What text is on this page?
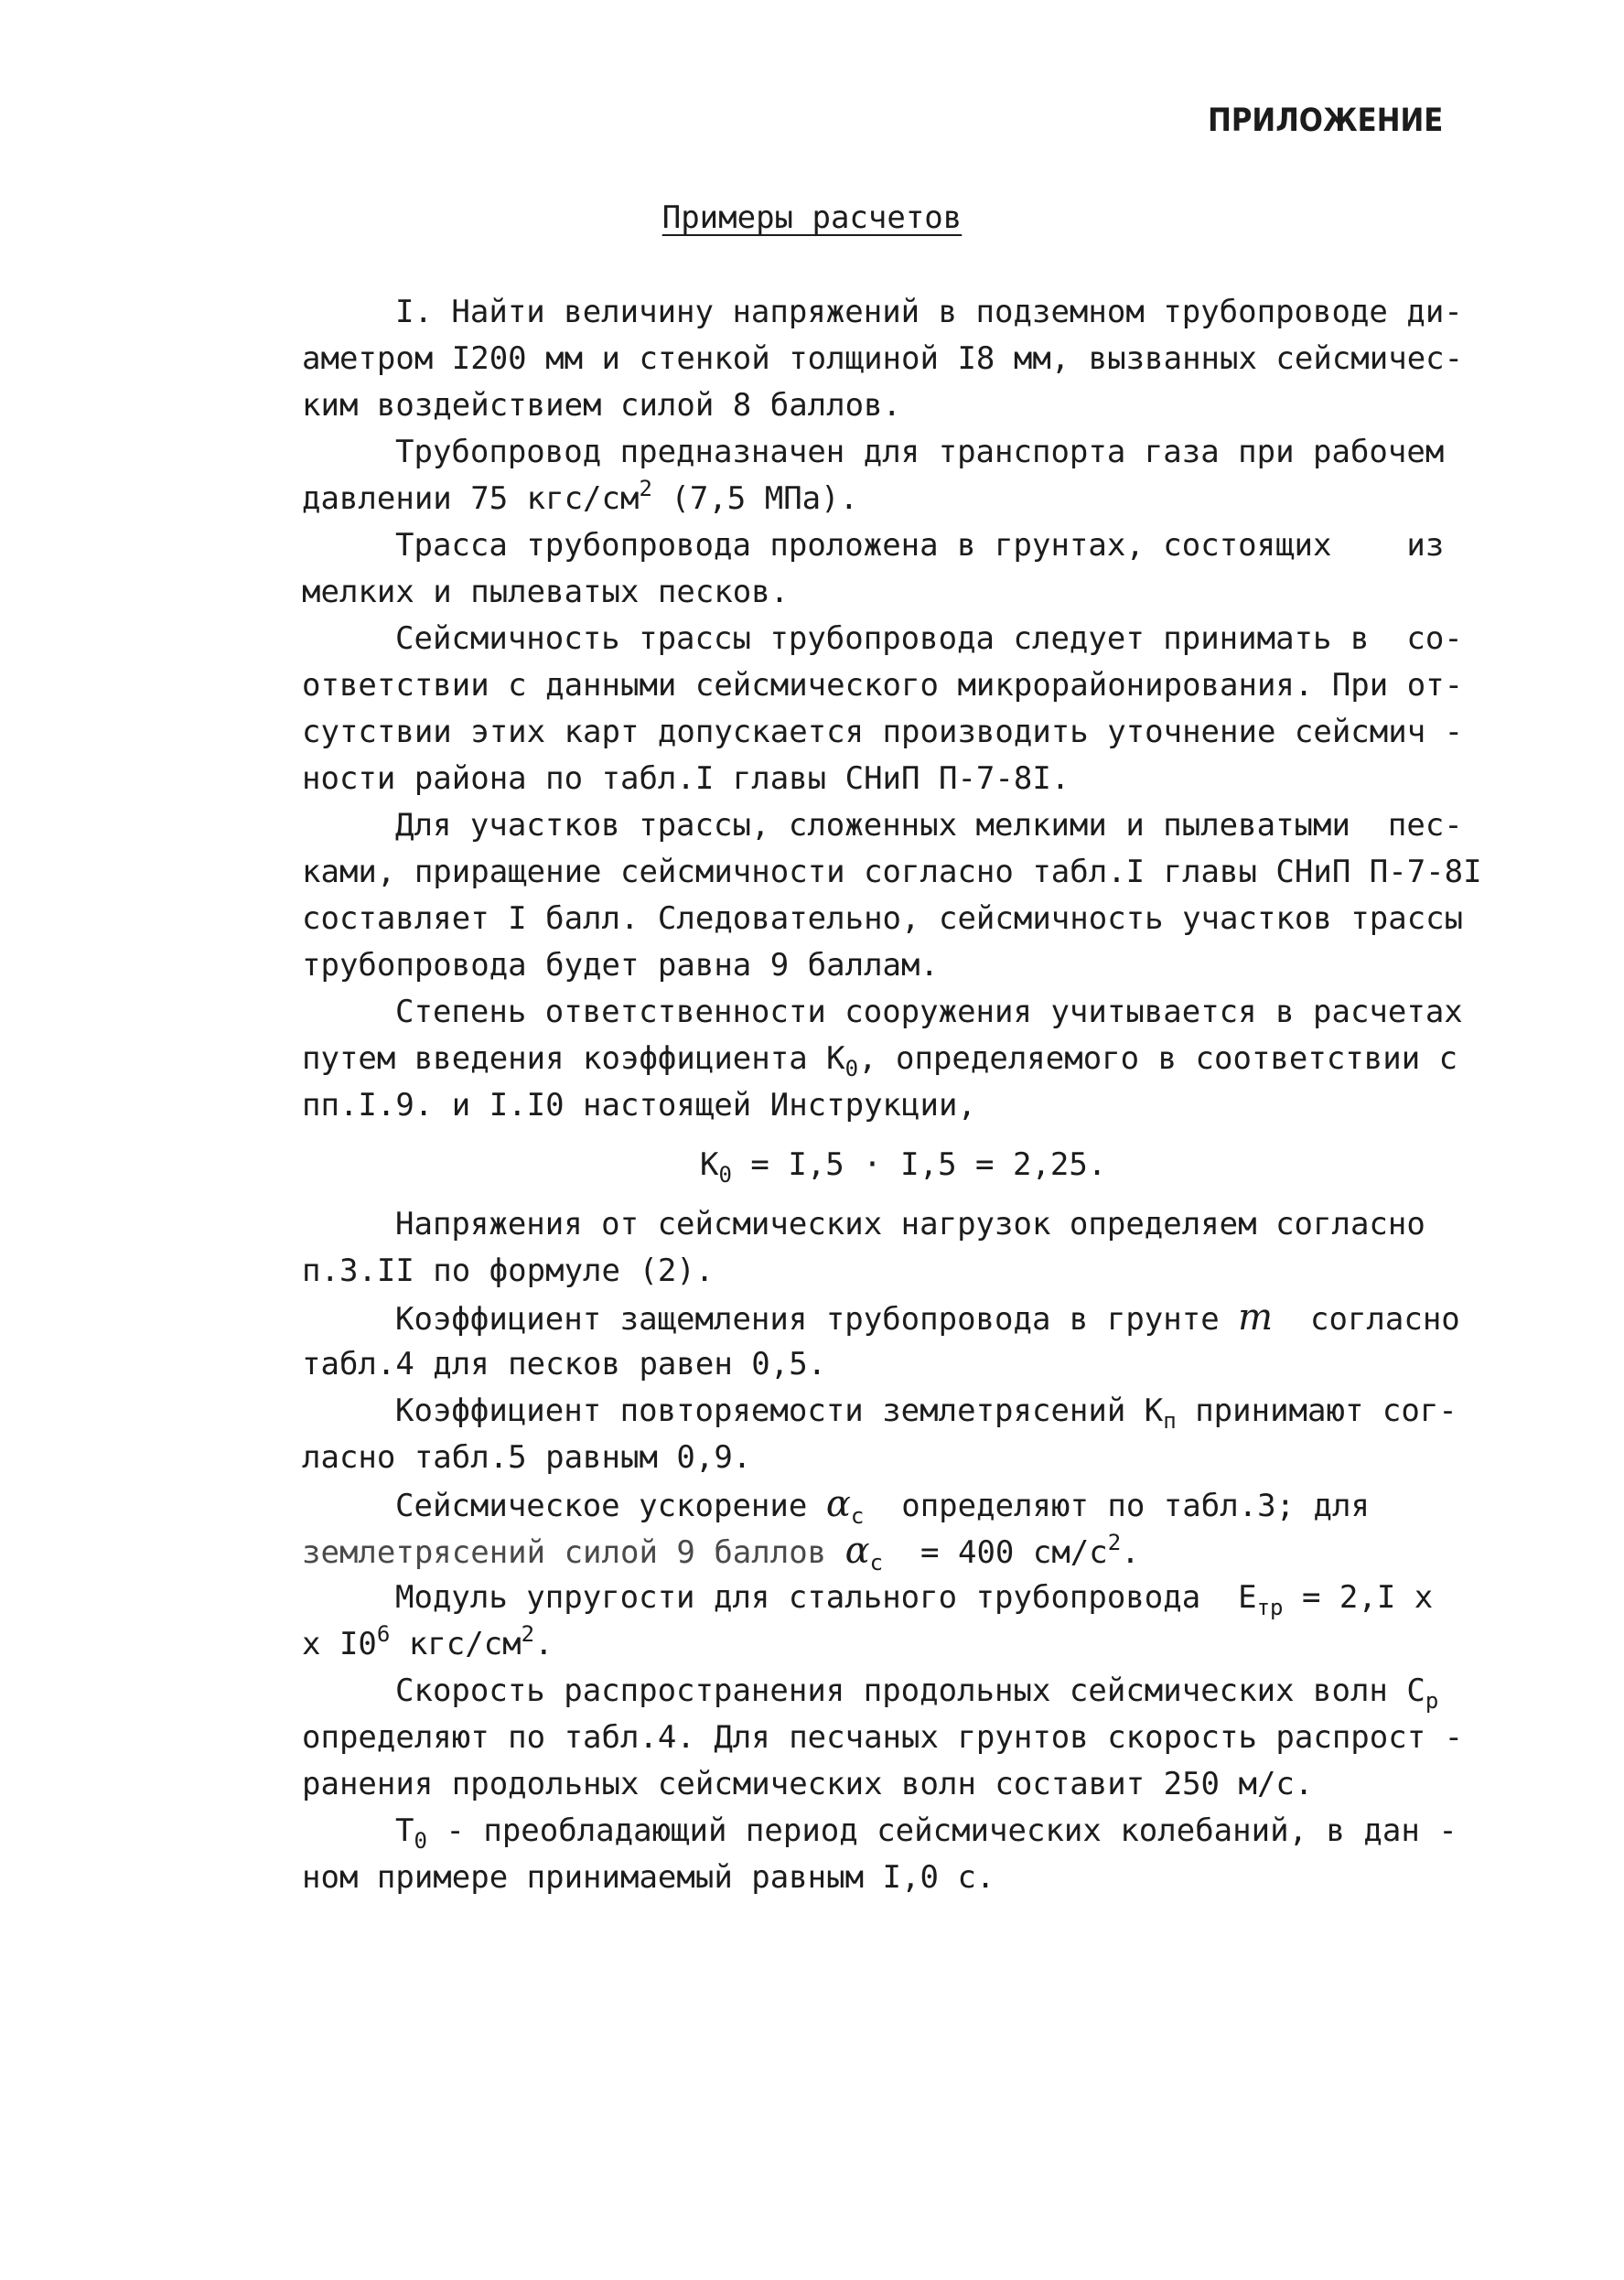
ПРИЛОЖЕНИЕ
Примеры расчетов
I. Найти величину напряжений в подземном трубопроводе ди-
аметром I200 мм и стенкой толщиной I8 мм, вызванных сейсмичес-
ким воздействием силой 8 баллов.
Трубопровод предназначен для транспорта газа при рабочем
давлении 75 кгс/$см^2$ (7,5 МПа).
Трасса трубопровода проложена в грунтах, состоящих    из
мелких и пылеватых песков.
Сейсмичность трассы трубопровода следует принимать в  со-
ответствии с данными сейсмического микрорайонирования. При от-
сутствии этих карт допускается производить уточнение сейсмич -
ности района по табл.I главы СНиП П-7-8I.
Для участков трассы, сложенных мелкими и пылеватыми  пес-
ками, приращение сейсмичности согласно табл.I главы СНиП П-7-8I
составляет I балл. Следовательно, сейсмичность участков трассы
трубопровода будет равна 9 баллам.
Степень ответственности сооружения учитывается в расчетах
путем введения коэффициента $К_0$, определяемого в соответствии с
пп.I.9. и I.I0 настоящей Инструкции,
$К_0 = I,5 \cdot I,5 = 2,25$.
Напряжения от сейсмических нагрузок определяем согласно
п.3.II по формуле (2).
Коэффициент защемления трубопровода в грунте m  согласно
табл.4 для песков равен 0,5.
Коэффициент повторяемости землетрясений $К_п$ принимают сог-
ласно табл.5 равным 0,9.
Сейсмическое ускорение $\alpha_c$  определяют по табл.3; для
землетрясений силой 9 баллов $\alpha_c = 400$ $см/с^2$.
Модуль упругости для стального трубопровода  $Е_{тр} = 2,I$ x
x $I0^6$ кгс/$см^2$.
Скорость распространения продольных сейсмических волн $С_р$
определяют по табл.4. Для песчаных грунтов скорость распрост -
ранения продольных сейсмических волн составит 250 м/с.
$Т_0$ - преобладающий период сейсмических колебаний, в дан -
ном примере принимаемый равным I,0 с.
